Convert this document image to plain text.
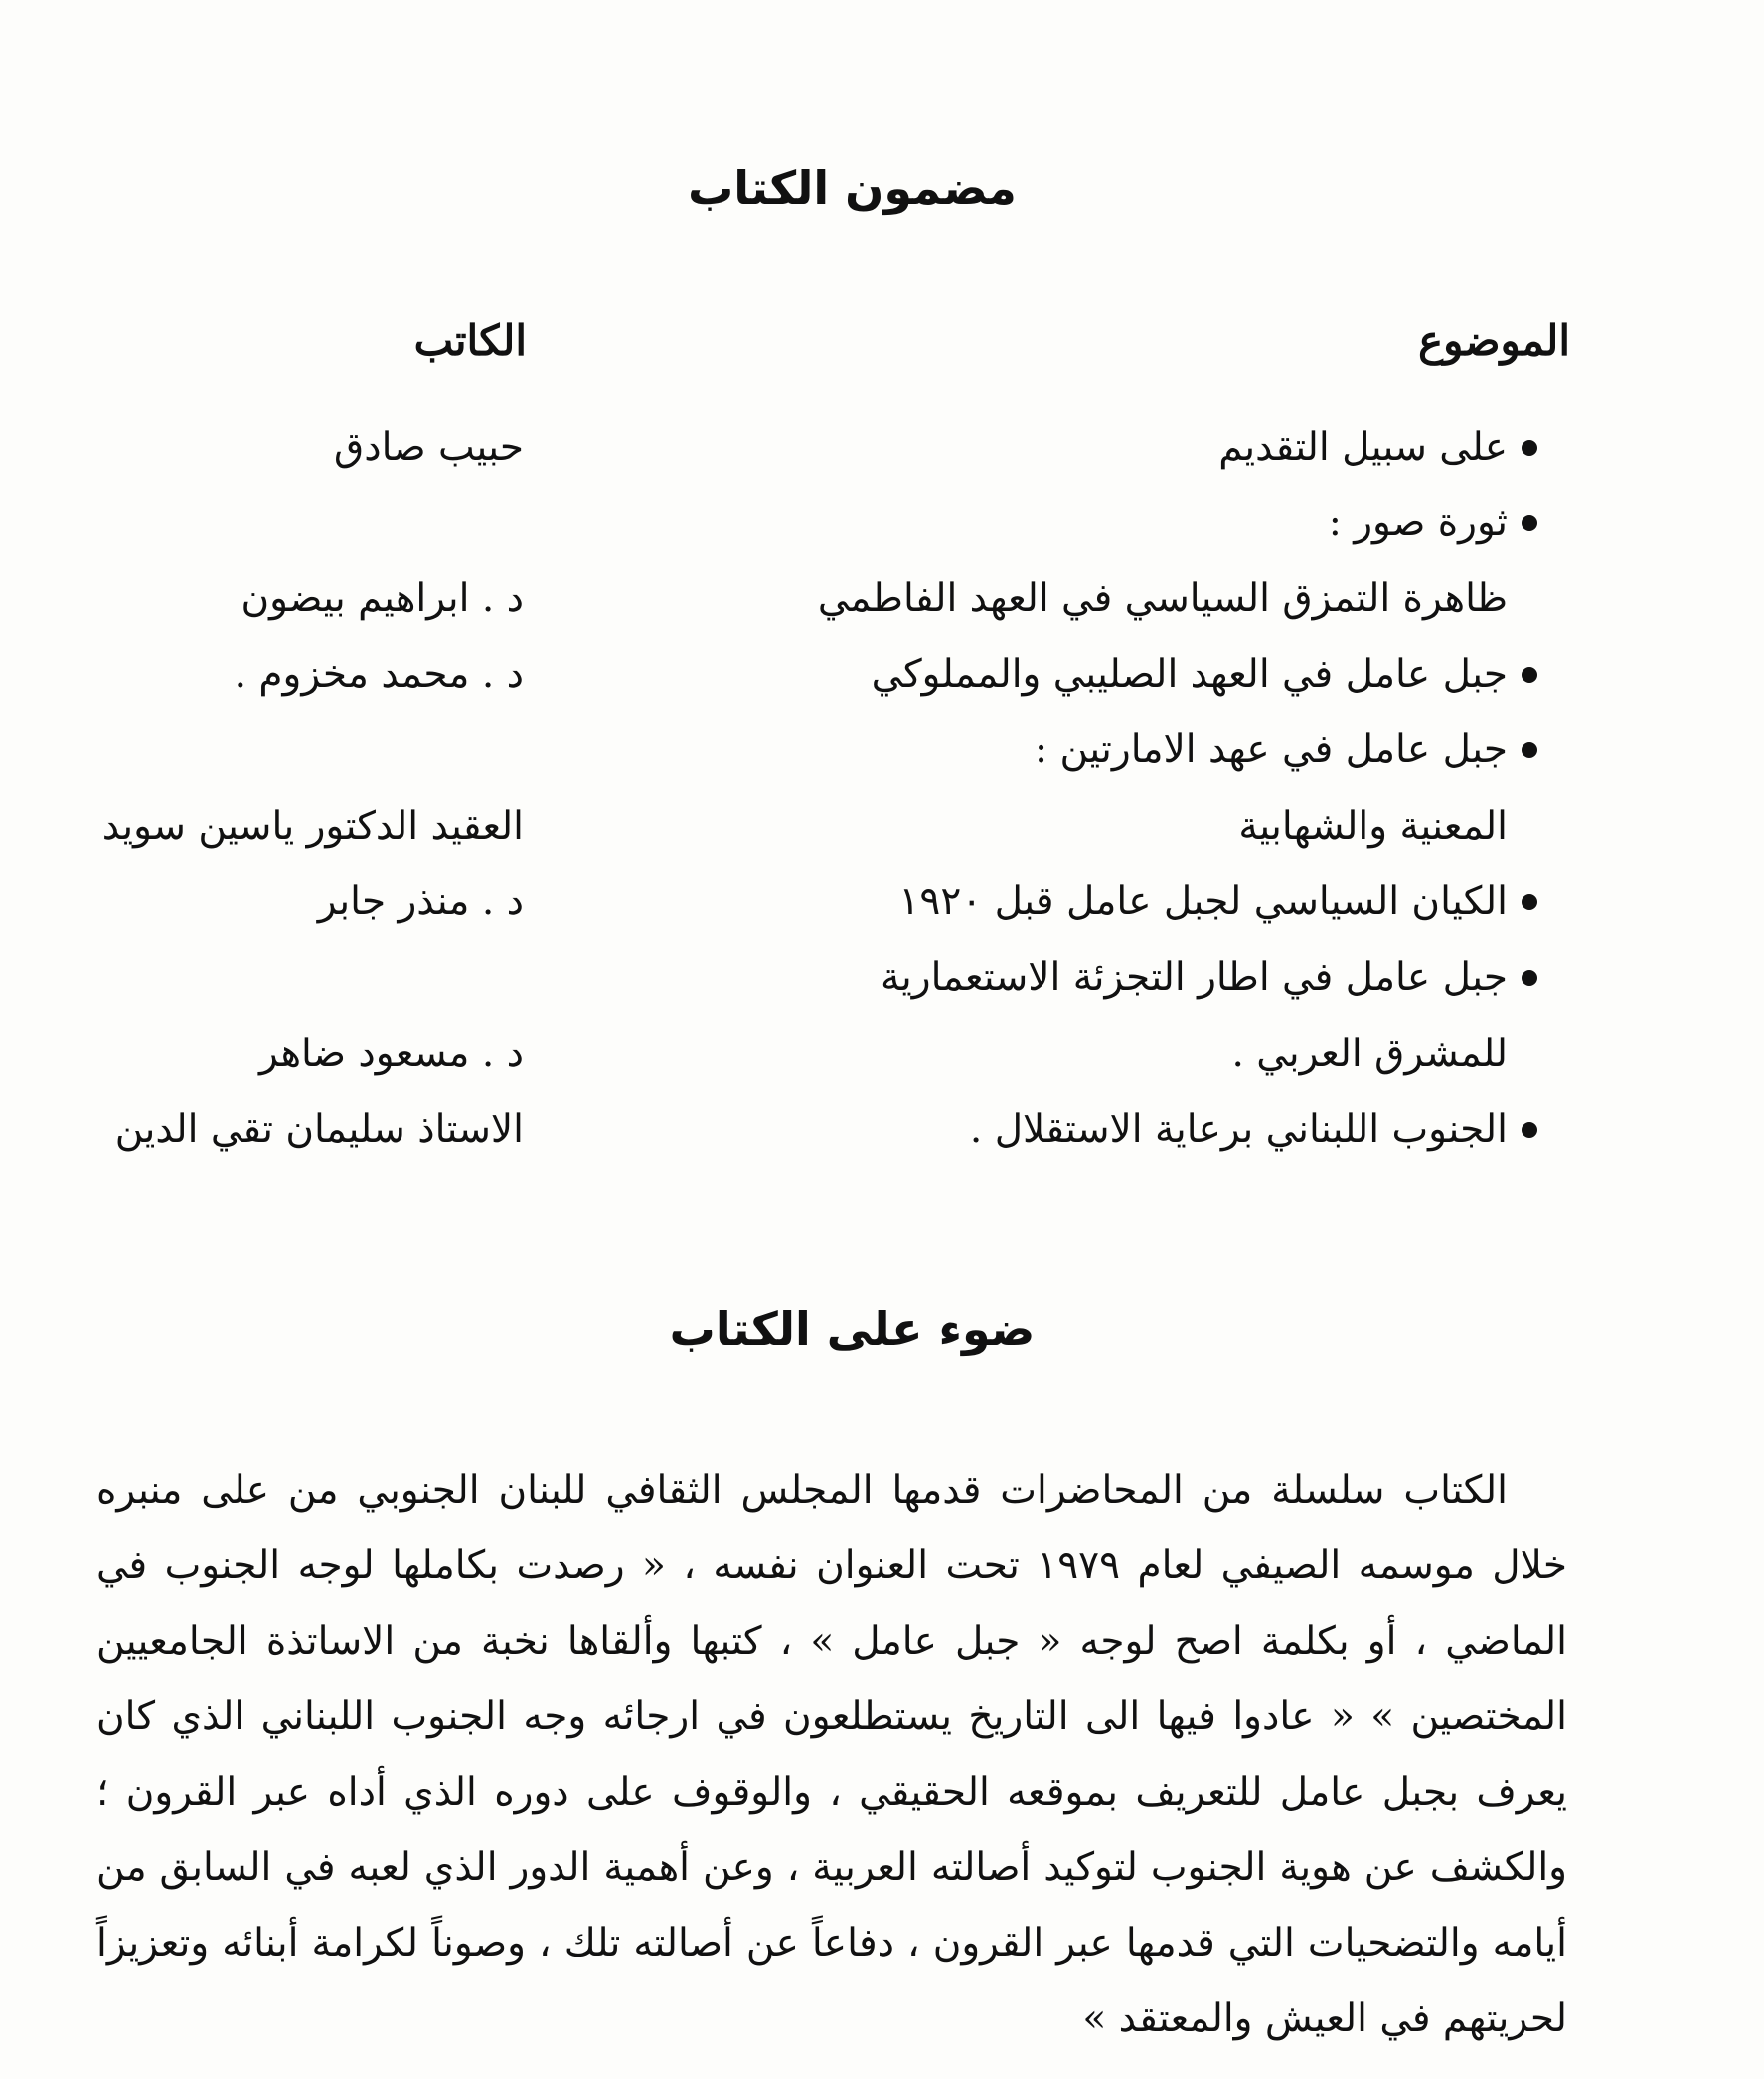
مضمون الكتاب
الموضوع
الكاتب
على سبيل التقديم
حبيب صادق
ثورة صور :
ظاهرة التمزق السياسي في العهد الفاطمي
د . ابراهيم بيضون
جبل عامل في العهد الصليبي والمملوكي
د . محمد مخزوم .
جبل عامل في عهد الامارتين :
المعنية والشهابية
العقيد الدكتور ياسين سويد
الكيان السياسي لجبل عامل قبل ١٩٢٠
د . منذر جابر
جبل عامل في اطار التجزئة الاستعمارية
للمشرق العربي .
د . مسعود ضاهر
الجنوب اللبناني برعاية الاستقلال .
الاستاذ سليمان تقي الدين
ضوء على الكتاب

الكتاب سلسلة من المحاضرات قدمها المجلس الثقافي للبنان الجنوبي من على منبره خلال موسمه الصيفي لعام ١٩٧٩ تحت العنوان نفسه ، « رصدت بكاملها لوجه الجنوب في الماضي ، أو بكلمة اصح لوجه « جبل عامل » ، كتبها وألقاها نخبة من الاساتذة الجامعيين المختصين » « عادوا فيها الى التاريخ يستطلعون في ارجائه وجه الجنوب اللبناني الذي كان يعرف بجبل عامل للتعريف بموقعه الحقيقي ، والوقوف على دوره الذي أداه عبر القرون ؛ والكشف عن هوية الجنوب لتوكيد أصالته العربية ، وعن أهمية الدور الذي لعبه في السابق من أيامه والتضحيات التي قدمها عبر القرون ، دفاعاً عن أصالته تلك ، وصوناً لكرامة أبنائه وتعزيزاً لحريتهم في العيش والمعتقد »
